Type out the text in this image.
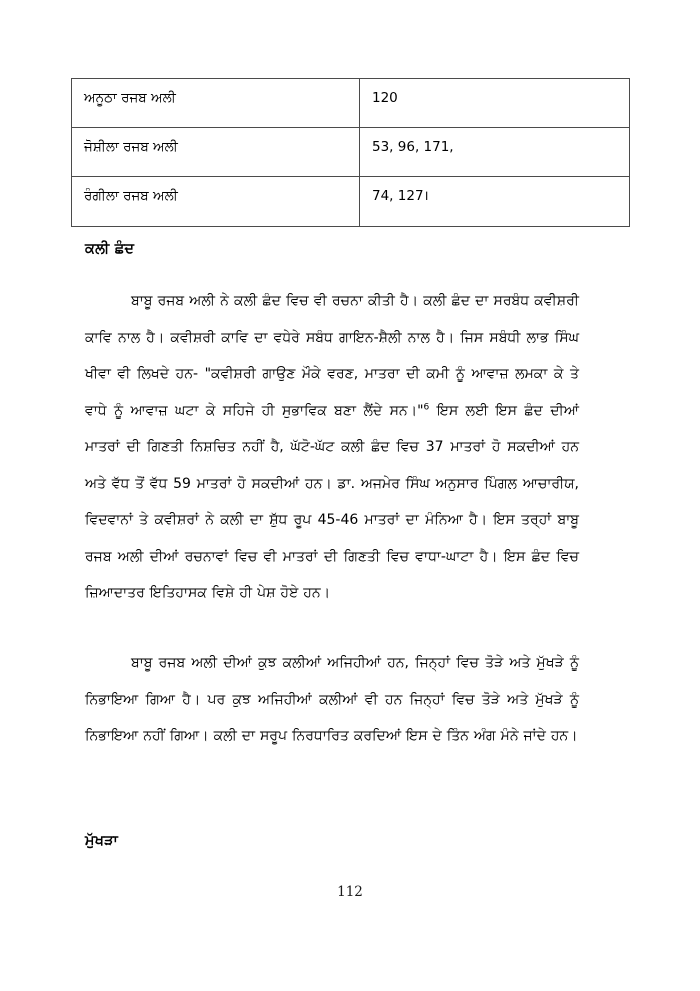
ਅਨੂਠਾ ਰਜਬ ਅਲੀ	120
ਜੋਸ਼ੀਲਾ ਰਜਬ ਅਲੀ	53, 96, 171,
ਰੰਗੀਲਾ ਰਜਬ ਅਲੀ	74, 127।
ਕਲੀ ਛੰਦ
ਬਾਬੂ ਰਜਬ ਅਲੀ ਨੇ ਕਲੀ ਛੰਦ ਵਿਚ ਵੀ ਰਚਨਾ ਕੀਤੀ ਹੈ। ਕਲੀ ਛੰਦ ਦਾ ਸਰਬੰਧ ਕਵੀਸ਼ਰੀ ਕਾਵਿ ਨਾਲ ਹੈ। ਕਵੀਸ਼ਰੀ ਕਾਵਿ ਦਾ ਵਧੇਰੇ ਸਬੰਧ ਗਾਇਨ-ਸ਼ੈਲੀ ਨਾਲ ਹੈ। ਜਿਸ ਸਬੰਧੀ ਲਾਭ ਸਿੰਘ ਖੀਵਾ ਵੀ ਲਿਖਦੇ ਹਨ- "ਕਵੀਸ਼ਰੀ ਗਾਉਣ ਮੌਕੇ ਵਰਣ, ਮਾਤਰਾ ਦੀ ਕਮੀ ਨੂੰ ਆਵਾਜ਼ ਲਮਕਾ ਕੇ ਤੇ ਵਾਧੇ ਨੂੰ ਆਵਾਜ਼ ਘਟਾ ਕੇ ਸਹਿਜੇ ਹੀ ਸੁਭਾਵਿਕ ਬਣਾ ਲੈਂਦੇ ਸਨ।"$^6$ ਇਸ ਲਈ ਇਸ ਛੰਦ ਦੀਆਂ ਮਾਤਰਾਂ ਦੀ ਗਿਣਤੀ ਨਿਸ਼ਚਿਤ ਨਹੀਂ ਹੈ, ਘੱਟੋ-ਘੱਟ ਕਲੀ ਛੰਦ ਵਿਚ 37 ਮਾਤਰਾਂ ਹੋ ਸਕਦੀਆਂ ਹਨ ਅਤੇ ਵੱਧ ਤੋਂ ਵੱਧ 59 ਮਾਤਰਾਂ ਹੋ ਸਕਦੀਆਂ ਹਨ। ਡਾ. ਅਜਮੇਰ ਸਿੰਘ ਅਨੁਸਾਰ ਪਿੰਗਲ ਆਚਾਰੀਯ, ਵਿਦਵਾਨਾਂ ਤੇ ਕਵੀਸ਼ਰਾਂ ਨੇ ਕਲੀ ਦਾ ਸ਼ੁੱਧ ਰੂਪ 45-46 ਮਾਤਰਾਂ ਦਾ ਮੰਨਿਆ ਹੈ। ਇਸ ਤਰ੍ਹਾਂ ਬਾਬੂ ਰਜਬ ਅਲੀ ਦੀਆਂ ਰਚਨਾਵਾਂ ਵਿਚ ਵੀ ਮਾਤਰਾਂ ਦੀ ਗਿਣਤੀ ਵਿਚ ਵਾਧਾ-ਘਾਟਾ ਹੈ। ਇਸ ਛੰਦ ਵਿਚ ਜ਼ਿਆਦਾਤਰ ਇਤਿਹਾਸਕ ਵਿਸ਼ੇ ਹੀ ਪੇਸ਼ ਹੋਏ ਹਨ।
ਬਾਬੂ ਰਜਬ ਅਲੀ ਦੀਆਂ ਕੁਝ ਕਲੀਆਂ ਅਜਿਹੀਆਂ ਹਨ, ਜਿਨ੍ਹਾਂ ਵਿਚ ਤੋੜੇ ਅਤੇ ਮੁੱਖੜੇ ਨੂੰ ਨਿਭਾਇਆ ਗਿਆ ਹੈ। ਪਰ ਕੁਝ ਅਜਿਹੀਆਂ ਕਲੀਆਂ ਵੀ ਹਨ ਜਿਨ੍ਹਾਂ ਵਿਚ ਤੋੜੇ ਅਤੇ ਮੁੱਖੜੇ ਨੂੰ ਨਿਭਾਇਆ ਨਹੀਂ ਗਿਆ। ਕਲੀ ਦਾ ਸਰੂਪ ਨਿਰਧਾਰਿਤ ਕਰਦਿਆਂ ਇਸ ਦੇ ਤਿੰਨ ਅੰਗ ਮੰਨੇ ਜਾਂਦੇ ਹਨ।
ਮੁੱਖੜਾ
112
